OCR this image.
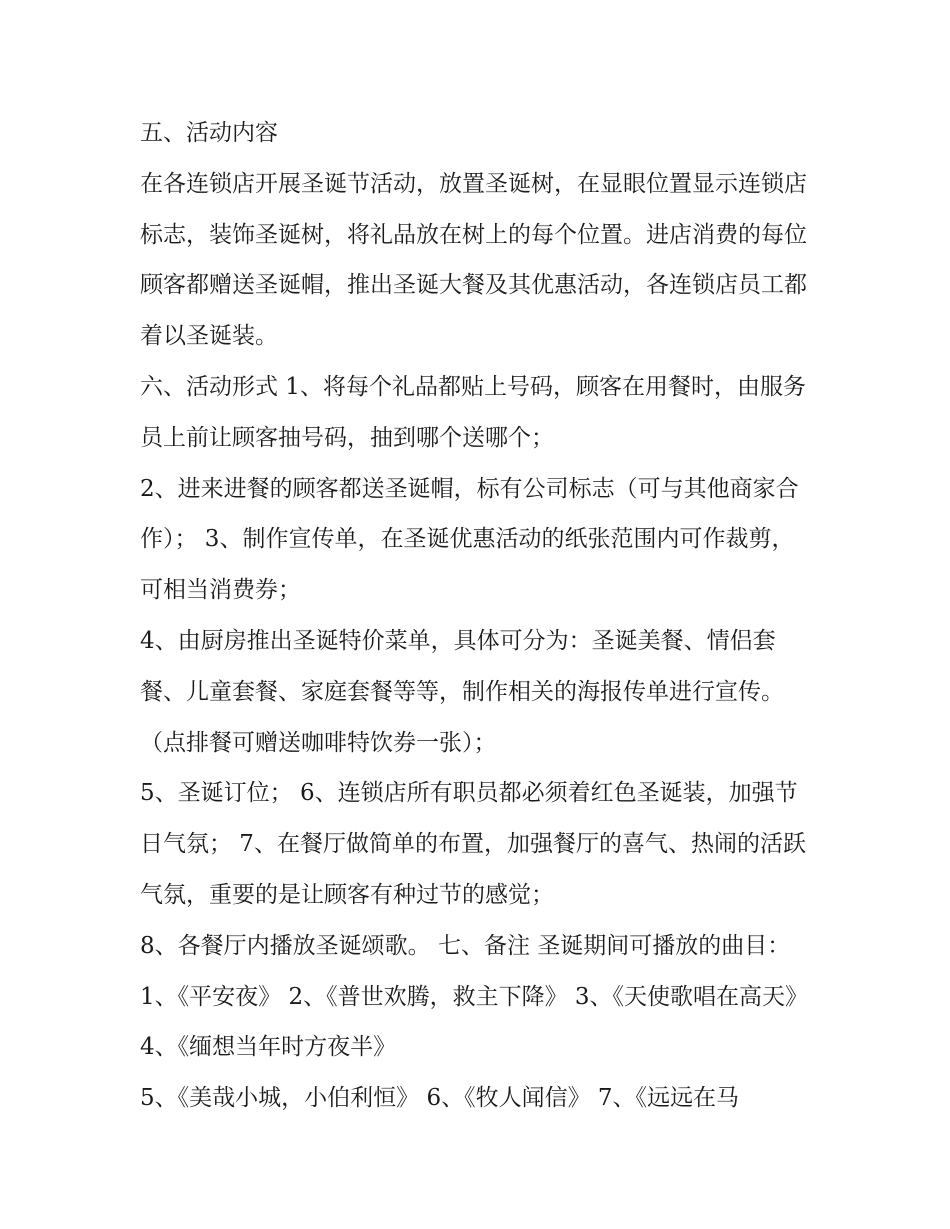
五、活动内容

在各连锁店开展圣诞节活动，放置圣诞树，在显眼位置显示连锁店标志，装饰圣诞树，将礼品放在树上的每个位置。进店消费的每位顾客都赠送圣诞帽，推出圣诞大餐及其优惠活动，各连锁店员工都着以圣诞装。

六、活动形式 1、将每个礼品都贴上号码，顾客在用餐时，由服务员上前让顾客抽号码，抽到哪个送哪个；

2、进来进餐的顾客都送圣诞帽，标有公司标志（可与其他商家合作）； 3、制作宣传单，在圣诞优惠活动的纸张范围内可作裁剪，可相当消费券；

4、由厨房推出圣诞特价菜单，具体可分为：圣诞美餐、情侣套餐、儿童套餐、家庭套餐等等，制作相关的海报传单进行宣传。（点排餐可赠送咖啡特饮券一张）；

5、圣诞订位； 6、连锁店所有职员都必须着红色圣诞装，加强节日气氛； 7、在餐厅做简单的布置，加强餐厅的喜气、热闹的活跃气氛，重要的是让顾客有种过节的感觉；

8、各餐厅内播放圣诞颂歌。 七、备注 圣诞期间可播放的曲目： 1、《平安夜》 2、《普世欢腾，救主下降》 3、《天使歌唱在高天》 4、《缅想当年时方夜半》

5、《美哉小城，小伯利恒》 6、《牧人闻信》 7、《远远在马
